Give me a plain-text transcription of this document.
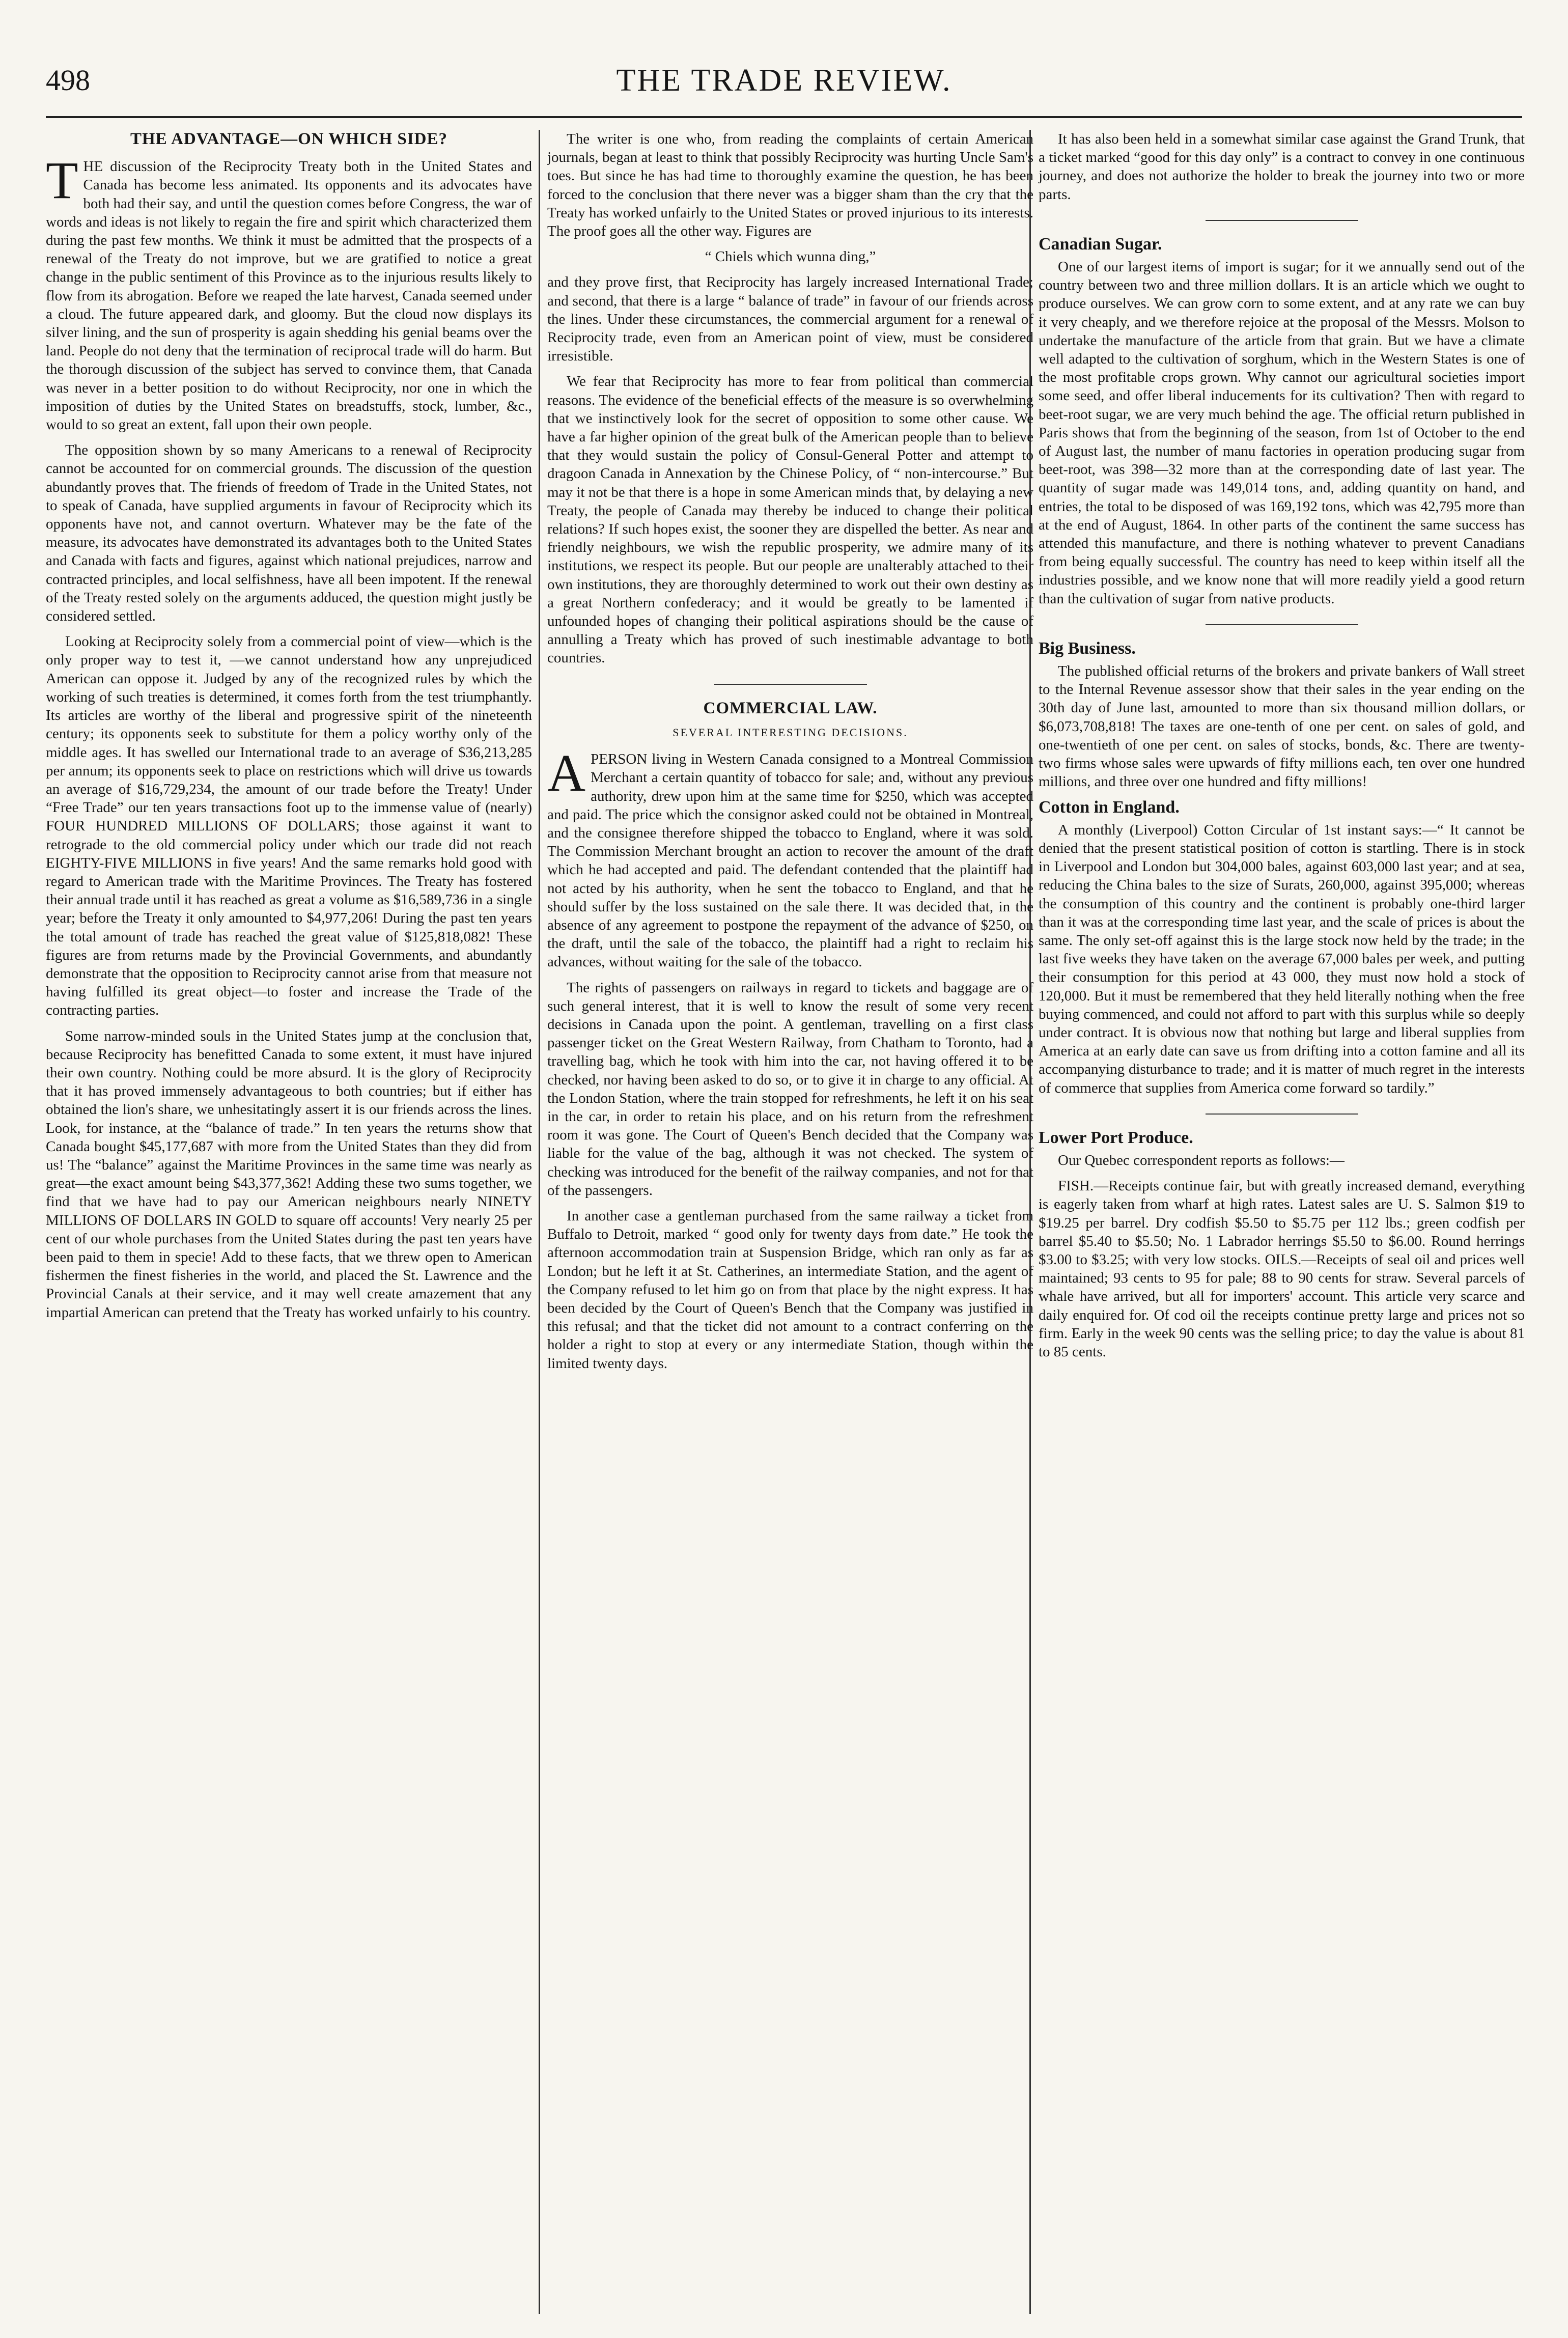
498	THE TRADE REVIEW.
THE ADVANTAGE—ON WHICH SIDE?

THE discussion of the Reciprocity Treaty both in the United States and Canada has become less animated. Its opponents and its advocates have both had their say, and until the question comes before Congress, the war of words and ideas is not likely to regain the fire and spirit which characterized them during the past few months. We think it must be admitted that the prospects of a renewal of the Treaty do not improve, but we are gratified to notice a great change in the public sentiment of this Province as to the injurious results likely to flow from its abrogation. Before we reaped the late harvest, Canada seemed under a cloud. The future appeared dark, and gloomy. But the cloud now displays its silver lining, and the sun of prosperity is again shedding his genial beams over the land. People do not deny that the termination of reciprocal trade will do harm. But the thorough discussion of the subject has served to convince them, that Canada was never in a better position to do without Reciprocity, nor one in which the imposition of duties by the United States on breadstuffs, stock, lumber, &c., would to so great an extent, fall upon their own people.

The opposition shown by so many Americans to a renewal of Reciprocity cannot be accounted for on commercial grounds. The discussion of the question abundantly proves that. The friends of freedom of Trade in the United States, not to speak of Canada, have supplied arguments in favour of Reciprocity which its opponents have not, and cannot overturn. Whatever may be the fate of the measure, its advocates have demonstrated its advantages both to the United States and Canada with facts and figures, against which national prejudices, narrow and contracted principles, and local selfishness, have all been impotent. If the renewal of the Treaty rested solely on the arguments adduced, the question might justly be considered settled.

Looking at Reciprocity solely from a commercial point of view—which is the only proper way to test it, —we cannot understand how any unprejudiced American can oppose it. Judged by any of the recognized rules by which the working of such treaties is determined, it comes forth from the test triumphantly. Its articles are worthy of the liberal and progressive spirit of the nineteenth century; its opponents seek to substitute for them a policy worthy only of the middle ages. It has swelled our International trade to an average of $36,213,285 per annum; its opponents seek to place on restrictions which will drive us towards an average of $16,729,234, the amount of our trade before the Treaty! Under “Free Trade” our ten years transactions foot up to the immense value of (nearly) FOUR HUNDRED MILLIONS OF DOLLARS; those against it want to retrograde to the old commercial policy under which our trade did not reach EIGHTY-FIVE MILLIONS in five years! And the same remarks hold good with regard to American trade with the Maritime Provinces. The Treaty has fostered their annual trade until it has reached as great a volume as $16,589,736 in a single year; before the Treaty it only amounted to $4,977,206! During the past ten years the total amount of trade has reached the great value of $125,818,082! These figures are from returns made by the Provincial Governments, and abundantly demonstrate that the opposition to Reciprocity cannot arise from that measure not having fulfilled its great object—to foster and increase the Trade of the contracting parties.

Some narrow-minded souls in the United States jump at the conclusion that, because Reciprocity has benefitted Canada to some extent, it must have injured their own country. Nothing could be more absurd. It is the glory of Reciprocity that it has proved immensely advantageous to both countries; but if either has obtained the lion's share, we unhesitatingly assert it is our friends across the lines. Look, for instance, at the “balance of trade.” In ten years the returns show that Canada bought $45,177,687 with more from the United States than they did from us! The “balance” against the Maritime Provinces in the same time was nearly as great—the exact amount being $43,377,362! Adding these two sums together, we find that we have had to pay our American neighbours nearly NINETY MILLIONS OF DOLLARS IN GOLD to square off accounts! Very nearly 25 per cent of our whole purchases from the United States during the past ten years have been paid to them in specie! Add to these facts, that we threw open to American fishermen the finest fisheries in the world, and placed the St. Lawrence and the Provincial Canals at their service, and it may well create amazement that any impartial American can pretend that the Treaty has worked unfairly to his country.

The writer is one who, from reading the complaints of certain American journals, began at least to think that possibly Reciprocity was hurting Uncle Sam's toes. But since he has had time to thoroughly examine the question, he has been forced to the conclusion that there never was a bigger sham than the cry that the Treaty has worked unfairly to the United States or proved injurious to its interests. The proof goes all the other way. Figures are

“ Chiels which wunna ding,”

and they prove first, that Reciprocity has largely increased International Trade; and second, that there is a large “ balance of trade” in favour of our friends across the lines. Under these circumstances, the commercial argument for a renewal of Reciprocity trade, even from an American point of view, must be considered irresistible.

We fear that Reciprocity has more to fear from political than commercial reasons. The evidence of the beneficial effects of the measure is so overwhelming that we instinctively look for the secret of opposition to some other cause. We have a far higher opinion of the great bulk of the American people than to believe that they would sustain the policy of Consul-General Potter and attempt to dragoon Canada in Annexation by the Chinese Policy, of “ non-intercourse.” But may it not be that there is a hope in some American minds that, by delaying a new Treaty, the people of Canada may thereby be induced to change their political relations? If such hopes exist, the sooner they are dispelled the better. As near and friendly neighbours, we wish the republic prosperity, we admire many of its institutions, we respect its people. But our people are unalterably attached to their own institutions, they are thoroughly determined to work out their own destiny as a great Northern confederacy; and it would be greatly to be lamented if unfounded hopes of changing their political aspirations should be the cause of annulling a Treaty which has proved of such inestimable advantage to both countries.

COMMERCIAL LAW.
SEVERAL INTERESTING DECISIONS.

APERSON living in Western Canada consigned to a Montreal Commission Merchant a certain quantity of tobacco for sale; and, without any previous authority, drew upon him at the same time for $250, which was accepted and paid. The price which the consignor asked could not be obtained in Montreal, and the consignee therefore shipped the tobacco to England, where it was sold. The Commission Merchant brought an action to recover the amount of the draft which he had accepted and paid. The defendant contended that the plaintiff had not acted by his authority, when he sent the tobacco to England, and that he should suffer by the loss sustained on the sale there. It was decided that, in the absence of any agreement to postpone the repayment of the advance of $250, on the draft, until the sale of the tobacco, the plaintiff had a right to reclaim his advances, without waiting for the sale of the tobacco.

The rights of passengers on railways in regard to tickets and baggage are of such general interest, that it is well to know the result of some very recent decisions in Canada upon the point. A gentleman, travelling on a first class passenger ticket on the Great Western Railway, from Chatham to Toronto, had a travelling bag, which he took with him into the car, not having offered it to be checked, nor having been asked to do so, or to give it in charge to any official. At the London Station, where the train stopped for refreshments, he left it on his seat in the car, in order to retain his place, and on his return from the refreshment room it was gone. The Court of Queen's Bench decided that the Company was liable for the value of the bag, although it was not checked. The system of checking was introduced for the benefit of the railway companies, and not for that of the passengers.

In another case a gentleman purchased from the same railway a ticket from Buffalo to Detroit, marked “ good only for twenty days from date.” He took the afternoon accommodation train at Suspension Bridge, which ran only as far as London; but he left it at St. Catherines, an intermediate Station, and the agent of the Company refused to let him go on from that place by the night express. It has been decided by the Court of Queen's Bench that the Company was justified in this refusal; and that the ticket did not amount to a contract conferring on the holder a right to stop at every or any intermediate Station, though within the limited twenty days.

It has also been held in a somewhat similar case against the Grand Trunk, that a ticket marked “good for this day only” is a contract to convey in one continuous journey, and does not authorize the holder to break the journey into two or more parts.

Canadian Sugar.

One of our largest items of import is sugar; for it we annually send out of the country between two and three million dollars. It is an article which we ought to produce ourselves. We can grow corn to some extent, and at any rate we can buy it very cheaply, and we therefore rejoice at the proposal of the Messrs. Molson to undertake the manufacture of the article from that grain. But we have a climate well adapted to the cultivation of sorghum, which in the Western States is one of the most profitable crops grown. Why cannot our agricultural societies import some seed, and offer liberal inducements for its cultivation? Then with regard to beet-root sugar, we are very much behind the age. The official return published in Paris shows that from the beginning of the season, from 1st of October to the end of August last, the number of manu factories in operation producing sugar from beet-root, was 398—32 more than at the corresponding date of last year. The quantity of sugar made was 149,014 tons, and, adding quantity on hand, and entries, the total to be disposed of was 169,192 tons, which was 42,795 more than at the end of August, 1864. In other parts of the continent the same success has attended this manufacture, and there is nothing whatever to prevent Canadians from being equally successful. The country has need to keep within itself all the industries possible, and we know none that will more readily yield a good return than the cultivation of sugar from native products.

Big Business.

The published official returns of the brokers and private bankers of Wall street to the Internal Revenue assessor show that their sales in the year ending on the 30th day of June last, amounted to more than six thousand million dollars, or $6,073,708,818! The taxes are one-tenth of one per cent. on sales of gold, and one-twentieth of one per cent. on sales of stocks, bonds, &c. There are twenty-two firms whose sales were upwards of fifty millions each, ten over one hundred millions, and three over one hundred and fifty millions!

Cotton in England.

A monthly (Liverpool) Cotton Circular of 1st instant says:—“ It cannot be denied that the present statistical position of cotton is startling. There is in stock in Liverpool and London but 304,000 bales, against 603,000 last year; and at sea, reducing the China bales to the size of Surats, 260,000, against 395,000; whereas the consumption of this country and the continent is probably one-third larger than it was at the corresponding time last year, and the scale of prices is about the same. The only set-off against this is the large stock now held by the trade; in the last five weeks they have taken on the average 67,000 bales per week, and putting their consumption for this period at 43 000, they must now hold a stock of 120,000. But it must be remembered that they held literally nothing when the free buying commenced, and could not afford to part with this surplus while so deeply under contract. It is obvious now that nothing but large and liberal supplies from America at an early date can save us from drifting into a cotton famine and all its accompanying disturbance to trade; and it is matter of much regret in the interests of commerce that supplies from America come forward so tardily.”

Lower Port Produce.

Our Quebec correspondent reports as follows:—

FISH.—Receipts continue fair, but with greatly increased demand, everything is eagerly taken from wharf at high rates. Latest sales are U. S. Salmon $19 to $19.25 per barrel. Dry codfish $5.50 to $5.75 per 112 lbs.; green codfish per barrel $5.40 to $5.50; No. 1 Labrador herrings $5.50 to $6.00. Round herrings $3.00 to $3.25; with very low stocks. OILS.—Receipts of seal oil and prices well maintained; 93 cents to 95 for pale; 88 to 90 cents for straw. Several parcels of whale have arrived, but all for importers' account. This article very scarce and daily enquired for. Of cod oil the receipts continue pretty large and prices not so firm. Early in the week 90 cents was the selling price; to day the value is about 81 to 85 cents.
